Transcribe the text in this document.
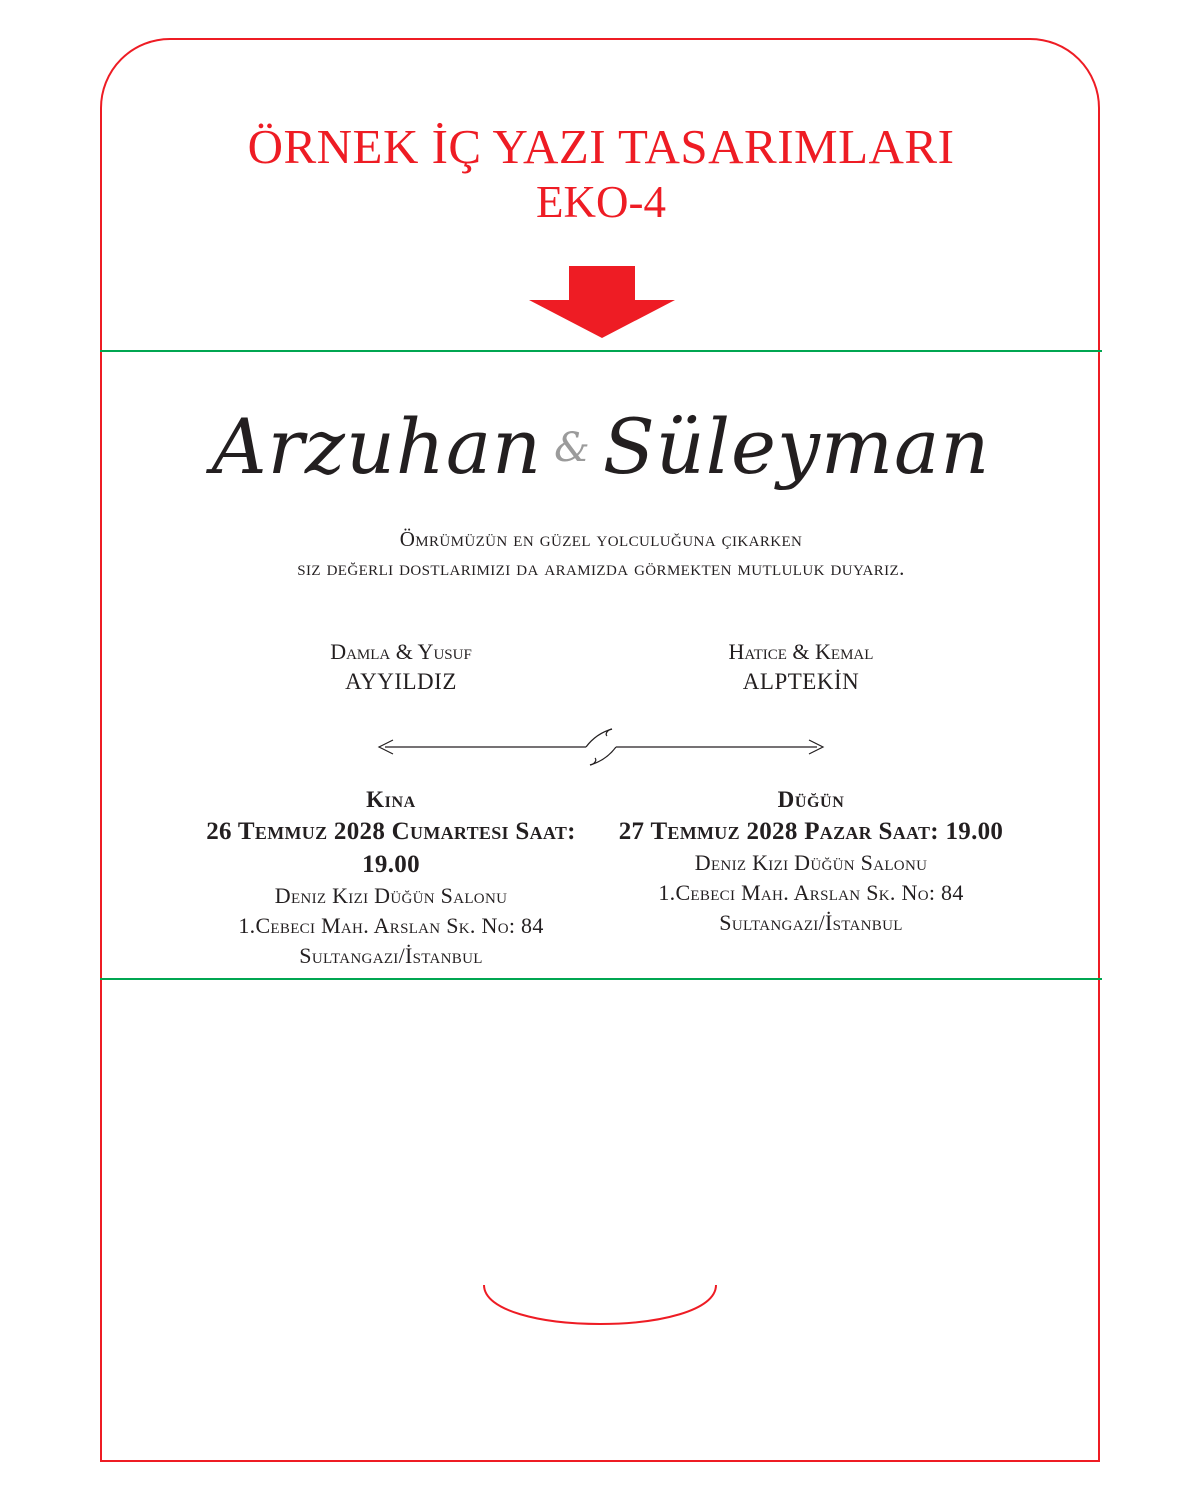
ÖRNEK İÇ YAZI TASARIMLARI
EKO-4
Arzuhan & Süleyman
Ömrümüzün en güzel yolculuğuna çıkarken
siz değerli dostlarımızı da aramızda görmekten mutluluk duyarız.
Damla & Yusuf
AYYILDIZ
Hatice & Kemal
ALPTEKİN
Kına
26 Temmuz 2028 Cumartesi Saat: 19.00
Deniz Kızı Düğün Salonu
1.Cebeci Mah. Arslan Sk. No: 84
Sultangazi/İstanbul
Düğün
27 Temmuz 2028 Pazar Saat: 19.00
Deniz Kızı Düğün Salonu
1.Cebeci Mah. Arslan Sk. No: 84
Sultangazi/İstanbul
